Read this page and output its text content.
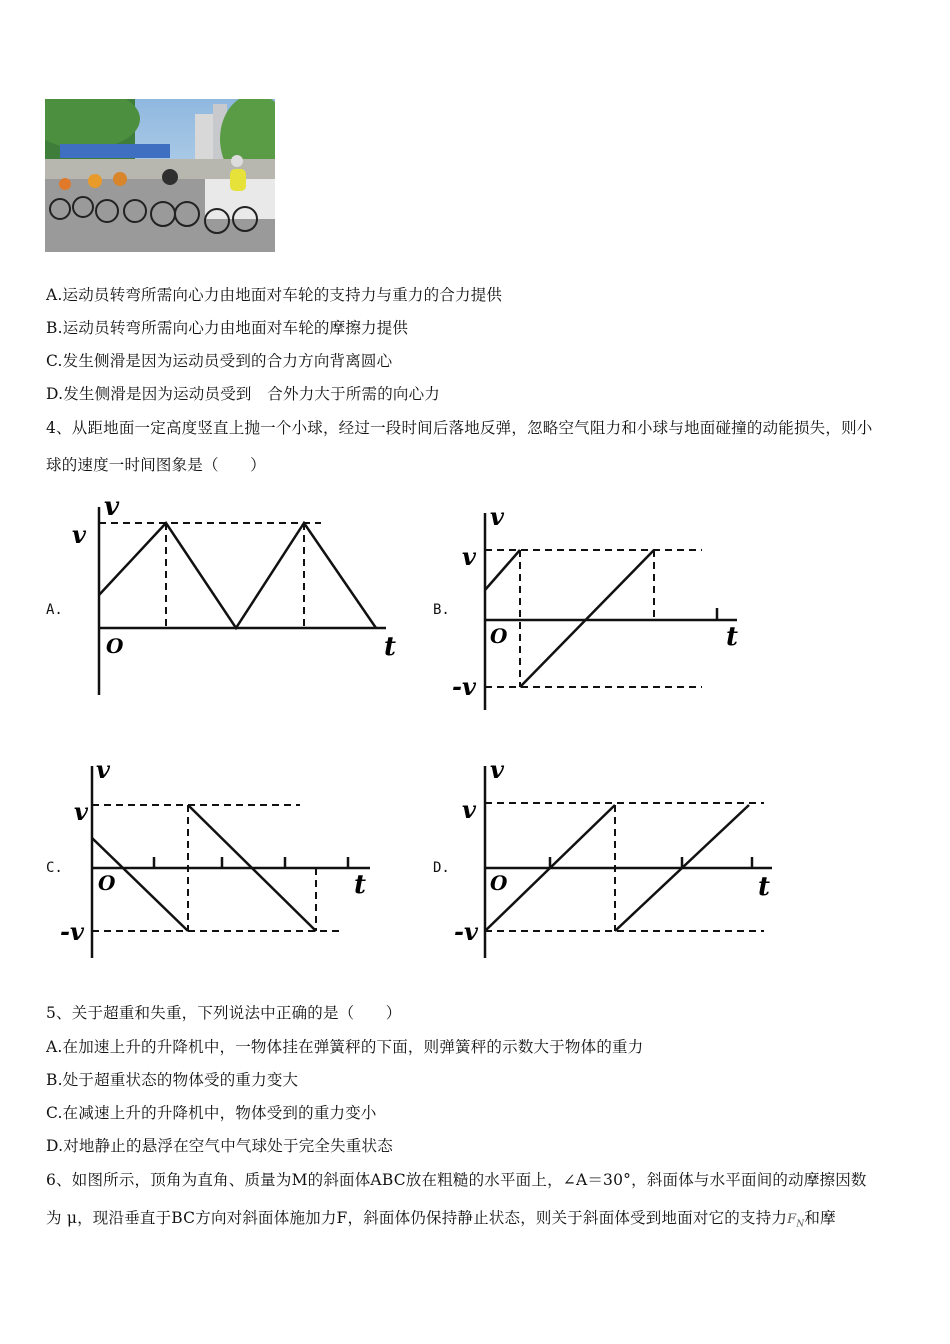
A.运动员转弯所需向心力由地面对车轮的支持力与重力的合力提供
B.运动员转弯所需向心力由地面对车轮的摩擦力提供
C.发生侧滑是因为运动员受到的合力方向背离圆心
D.发生侧滑是因为运动员受到　合外力大于所需的向心力
4、从距地面一定高度竖直上抛一个小球，经过一段时间后落地反弹，忽略空气阻力和小球与地面碰撞的动能损失，则小
球的速度一时间图象是（　　）
A.
v
v
O	t
B.
v
v
O	t
-v
C.
v
v
O	t
-v
D.
v
v
O	t
-v
5、关于超重和失重，下列说法中正确的是（　　）
A.在加速上升的升降机中，一物体挂在弹簧秤的下面，则弹簧秤的示数大于物体的重力
B.处于超重状态的物体受的重力变大
C.在减速上升的升降机中，物体受到的重力变小
D.对地静止的悬浮在空气中气球处于完全失重状态
6、如图所示，顶角为直角、质量为M的斜面体ABC放在粗糙的水平面上，∠A＝30°，斜面体与水平面间的动摩擦因数
为 μ，现沿垂直于BC方向对斜面体施加力F，斜面体仍保持静止状态，则关于斜面体受到地面对它的支持力$F_N$和摩
